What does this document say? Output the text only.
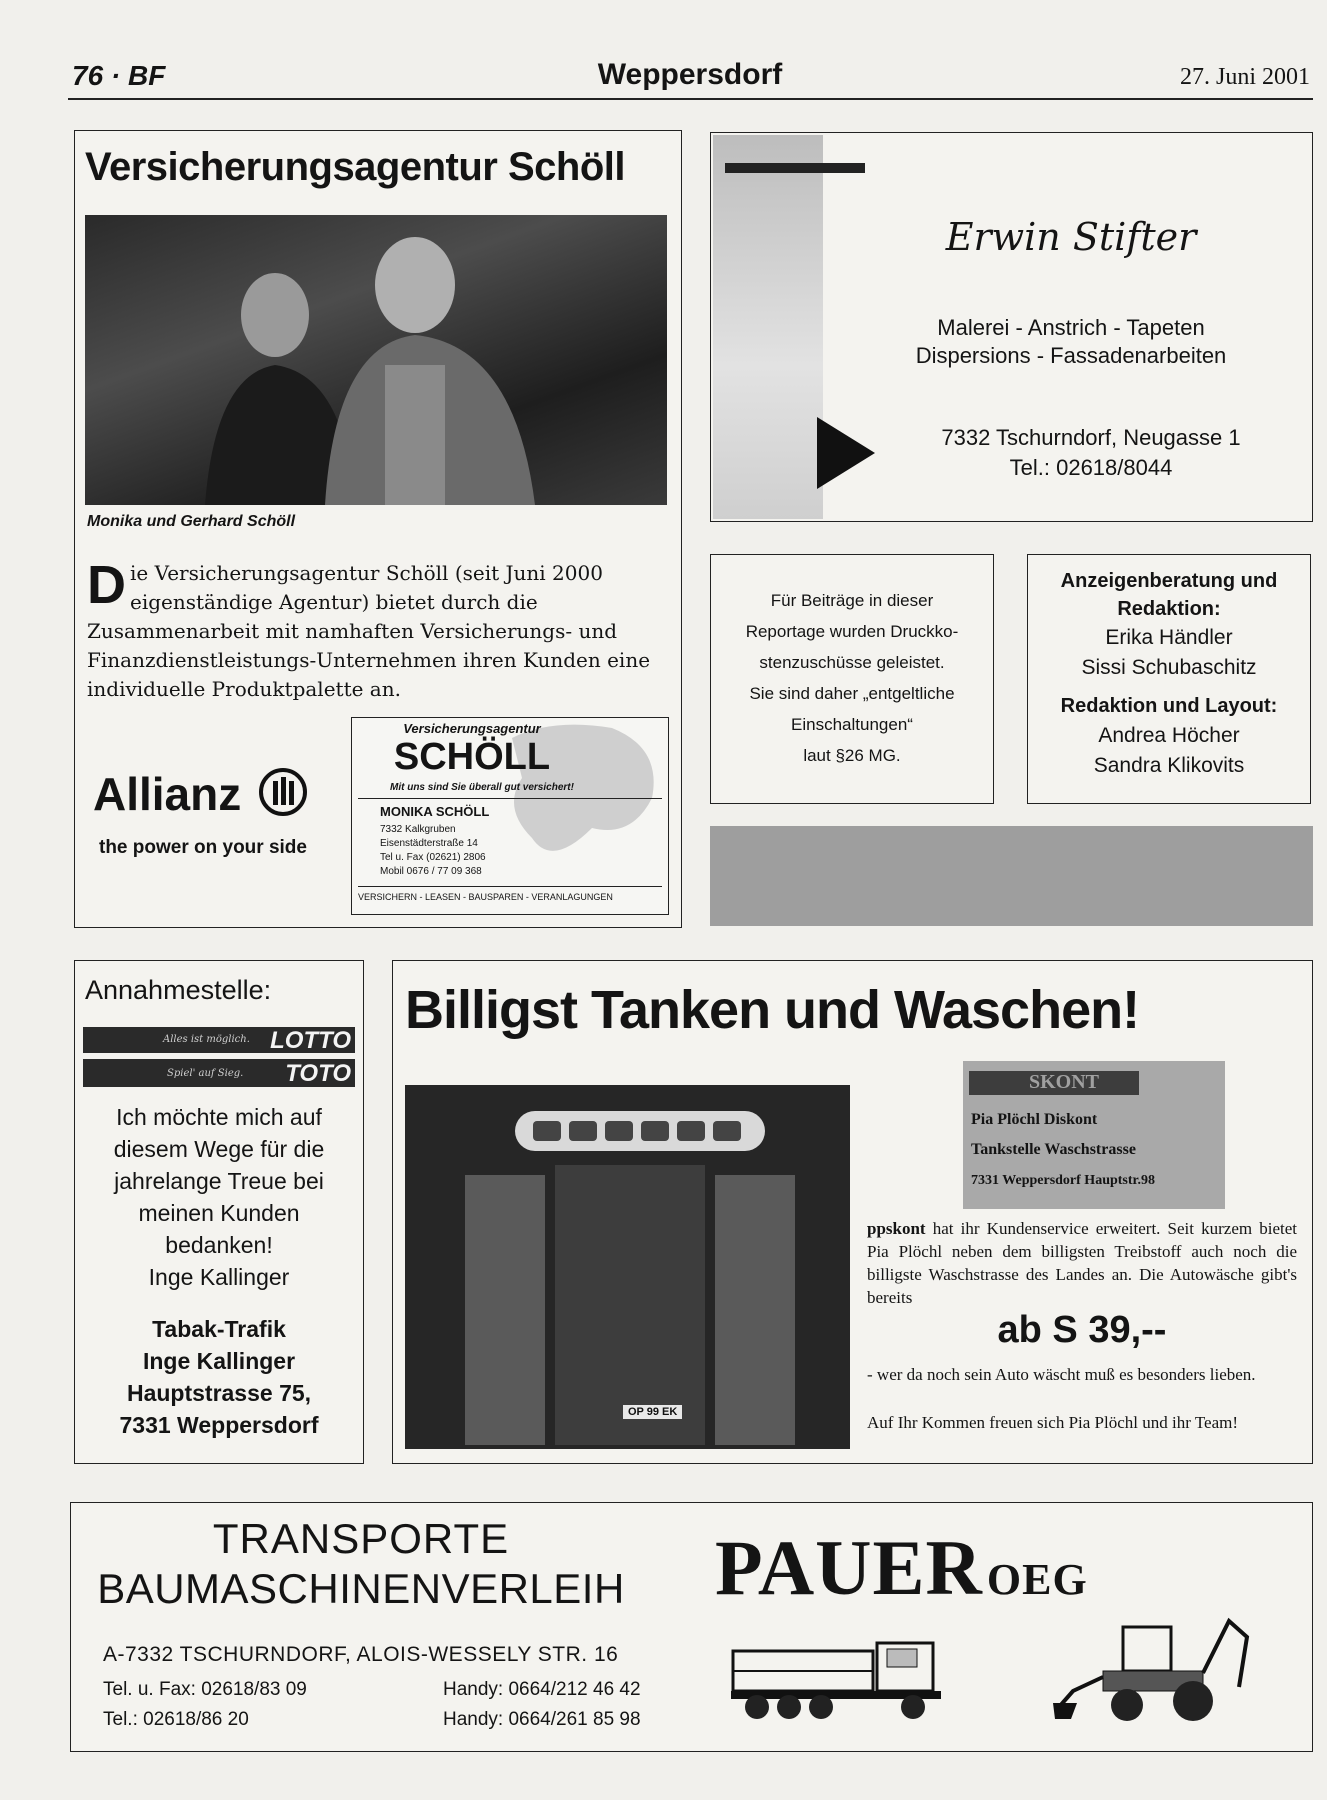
76 · BF	Weppersdorf	27. Juni 2001
Versicherungsagentur Schöll
Monika und Gerhard Schöll
D ie Versicherungsagentur Schöll (seit Juni 2000 eigenständige Agentur) bietet durch die Zusammenarbeit mit namhaften Versicherungs- und Finanzdienstleistungs-Unternehmen ihren Kunden eine individuelle Produktpalette an.
Allianz
the power on your side
Versicherungsagentur
SCHÖLL
Mit uns sind Sie überall gut versichert!
MONIKA SCHÖLL
7332 Kalkgruben
Eisenstädterstraße 14
Tel u. Fax (02621) 2806
Mobil 0676 / 77 09 368
VERSICHERN - LEASEN - BAUSPAREN - VERANLAGUNGEN
Erwin Stifter
Malerei - Anstrich - Tapeten
Dispersions - Fassadenarbeiten
7332 Tschurndorf, Neugasse 1
Tel.: 02618/8044
Für Beiträge in dieser
Reportage wurden Druckko-
stenzuschüsse geleistet.
Sie sind daher „entgeltliche
Einschaltungen“
laut §26 MG.
Anzeigenberatung und Redaktion:
Erika Händler
Sissi Schubaschitz
Redaktion und Layout:
Andrea Höcher
Sandra Klikovits
Annahmestelle:
Alles ist möglich. LOTTO
Spiel' auf Sieg. TOTO
Ich möchte mich auf
diesem Wege für die
jahrelange Treue bei
meinen Kunden
bedanken!
Inge Kallinger
Tabak-Trafik
Inge Kallinger
Hauptstrasse 75,
7331 Weppersdorf
Billigst Tanken und Waschen!
OP 99 EK
SKONT
Pia Plöchl Diskont
Tankstelle Waschstrasse
7331 Weppersdorf Hauptstr.98
ppskont hat ihr Kundenservice erweitert. Seit kurzem bietet Pia Plöchl neben dem billigsten Treibstoff auch noch die billigste Waschstrasse des Landes an. Die Autowäsche gibt's bereits
ab S 39,--
- wer da noch sein Auto wäscht muß es besonders lieben.
Auf Ihr Kommen freuen sich Pia Plöchl und ihr Team!
TRANSPORTE
BAUMASCHINENVERLEIH
A-7332 TSCHURNDORF, ALOIS-WESSELY STR. 16
Tel. u. Fax: 02618/83 09
Tel.: 02618/86 20
Handy: 0664/212 46 42
Handy: 0664/261 85 98
PAUEROEG
